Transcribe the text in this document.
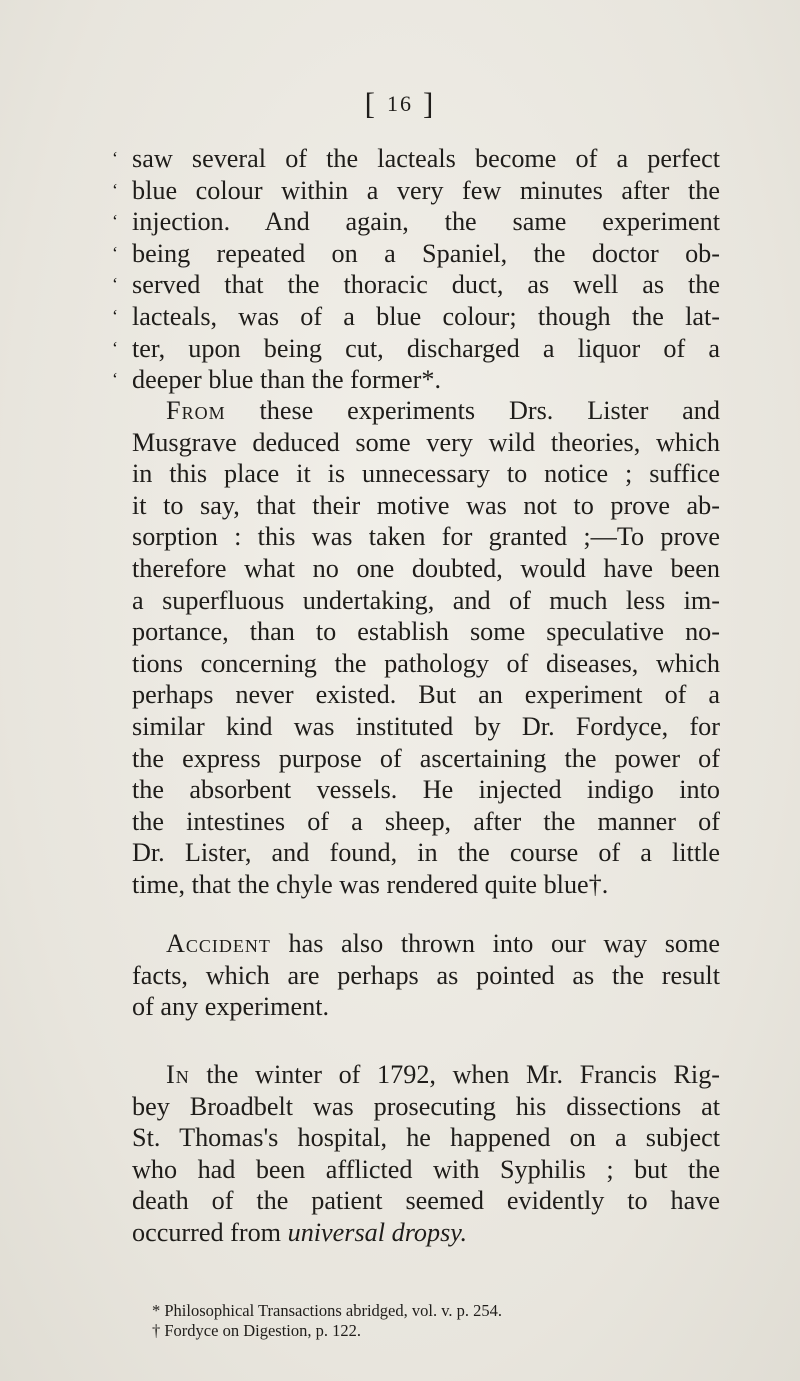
[ 16 ]
‘ saw several of the lacteals become of a perfect
‘ blue colour within a very few minutes after the
‘ injection. And again, the same experiment
‘ being repeated on a Spaniel, the doctor ob-
‘ served that the thoracic duct, as well as the
‘ lacteals, was of a blue colour; though the lat-
‘ ter, upon being cut, discharged a liquor of a
‘ deeper blue than the former*.
From these experiments Drs. Lister and
Musgrave deduced some very wild theories, which
in this place it is unnecessary to notice ; suffice
it to say, that their motive was not to prove ab-
sorption : this was taken for granted ;—To prove
therefore what no one doubted, would have been
a superfluous undertaking, and of much less im-
portance, than to establish some speculative no-
tions concerning the pathology of diseases, which
perhaps never existed. But an experiment of a
similar kind was instituted by Dr. Fordyce, for
the express purpose of ascertaining the power of
the absorbent vessels. He injected indigo into
the intestines of a sheep, after the manner of
Dr. Lister, and found, in the course of a little
time, that the chyle was rendered quite blue†.
Accident has also thrown into our way some
facts, which are perhaps as pointed as the result
of any experiment.
In the winter of 1792, when Mr. Francis Rig-
bey Broadbelt was prosecuting his dissections at
St. Thomas's hospital, he happened on a subject
who had been afflicted with Syphilis ; but the
death of the patient seemed evidently to have
occurred from universal dropsy.
* Philosophical Transactions abridged, vol. v. p. 254.
† Fordyce on Digestion, p. 122.
